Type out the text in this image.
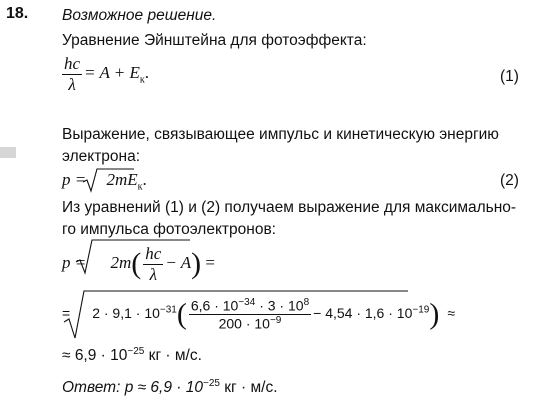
18. Возможное решение.
Уравнение Эйнштейна для фотоэффекта:
$\frac{hc}{\lambda} = A + E_к$.	(1)
Выражение, связывающее импульс и кинетическую энергию
электрона:
$p = 2mE_к$.	(2)
Из уравнений (1) и (2) получаем выражение для максимально-
го импульса фотоэлектронов:
$p = 2m( \frac{hc}{\lambda} - A)$ =
= $2 \cdot 9,1 \cdot 10^{-31}( \frac{6,6 \cdot 10^{-34} \cdot 3 \cdot 10^8}{200 \cdot 10^{-9}} - 4,54 \cdot 1,6 \cdot 10^{-19})$ ≈
≈ $6,9 \cdot 10^{-25}$ кг · м/с.
Ответ: $p \approx 6,9 \cdot 10^{-25}$ кг · м/с.
